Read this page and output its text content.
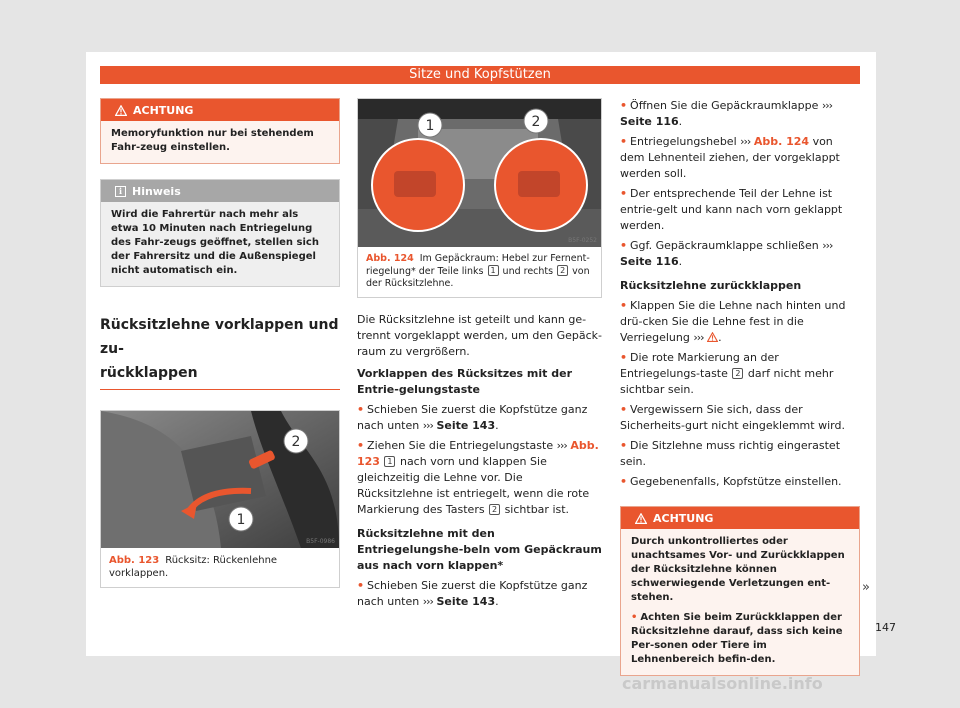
Sitze und Kopfstützen
ACHTUNG
Memoryfunktion nur bei stehendem Fahr-zeug einstellen.
i Hinweis
Wird die Fahrertür nach mehr als etwa 10 Minuten nach Entriegelung des Fahr-zeugs geöffnet, stellen sich der Fahrersitz und die Außenspiegel nicht automatisch ein.
Rücksitzlehne vorklappen und zu-
rückklappen
2
1
B5F-0986
Abb. 123 Rücksitz: Rückenlehne vorklappen.
1	2
B5F-0252
Abb. 124 Im Gepäckraum: Hebel zur Fernent-riegelung* der Teile links 1 und rechts 2 von der Rücksitzlehne.
Die Rücksitzlehne ist geteilt und kann ge-trennt vorgeklappt werden, um den Gepäck-raum zu vergrößern.
Vorklappen des Rücksitzes mit der Entrie-gelungstaste
• Schieben Sie zuerst die Kopfstütze ganz nach unten ››› Seite 143.
• Ziehen Sie die Entriegelungstaste ››› Abb. 123 1 nach vorn und klappen Sie gleichzeitig die Lehne vor. Die Rücksitzlehne ist entriegelt, wenn die rote Markierung des Tasters 2 sichtbar ist.
Rücksitzlehne mit den Entriegelungshe-beln vom Gepäckraum aus nach vorn klappen*
• Schieben Sie zuerst die Kopfstütze ganz nach unten ››› Seite 143.
• Öffnen Sie die Gepäckraumklappe ››› Seite 116.
• Entriegelungshebel ››› Abb. 124 von dem Lehnenteil ziehen, der vorgeklappt werden soll.
• Der entsprechende Teil der Lehne ist entrie-gelt und kann nach vorn geklappt werden.
• Ggf. Gepäckraumklappe schließen ››› Seite 116.
Rücksitzlehne zurückklappen
• Klappen Sie die Lehne nach hinten und drü-cken Sie die Lehne fest in die Verriegelung ››› .
• Die rote Markierung an der Entriegelungs-taste 2 darf nicht mehr sichtbar sein.
• Vergewissern Sie sich, dass der Sicherheits-gurt nicht eingeklemmt wird.
• Die Sitzlehne muss richtig eingerastet sein.
• Gegebenenfalls, Kopfstütze einstellen.
ACHTUNG
Durch unkontrolliertes oder unachtsames Vor- und Zurückklappen der Rücksitzlehne können schwerwiegende Verletzungen ent-stehen.
• Achten Sie beim Zurückklappen der Rücksitzlehne darauf, dass sich keine Per-sonen oder Tiere im Lehnenbereich befin-den.
»
147
carmanualsonline.info
